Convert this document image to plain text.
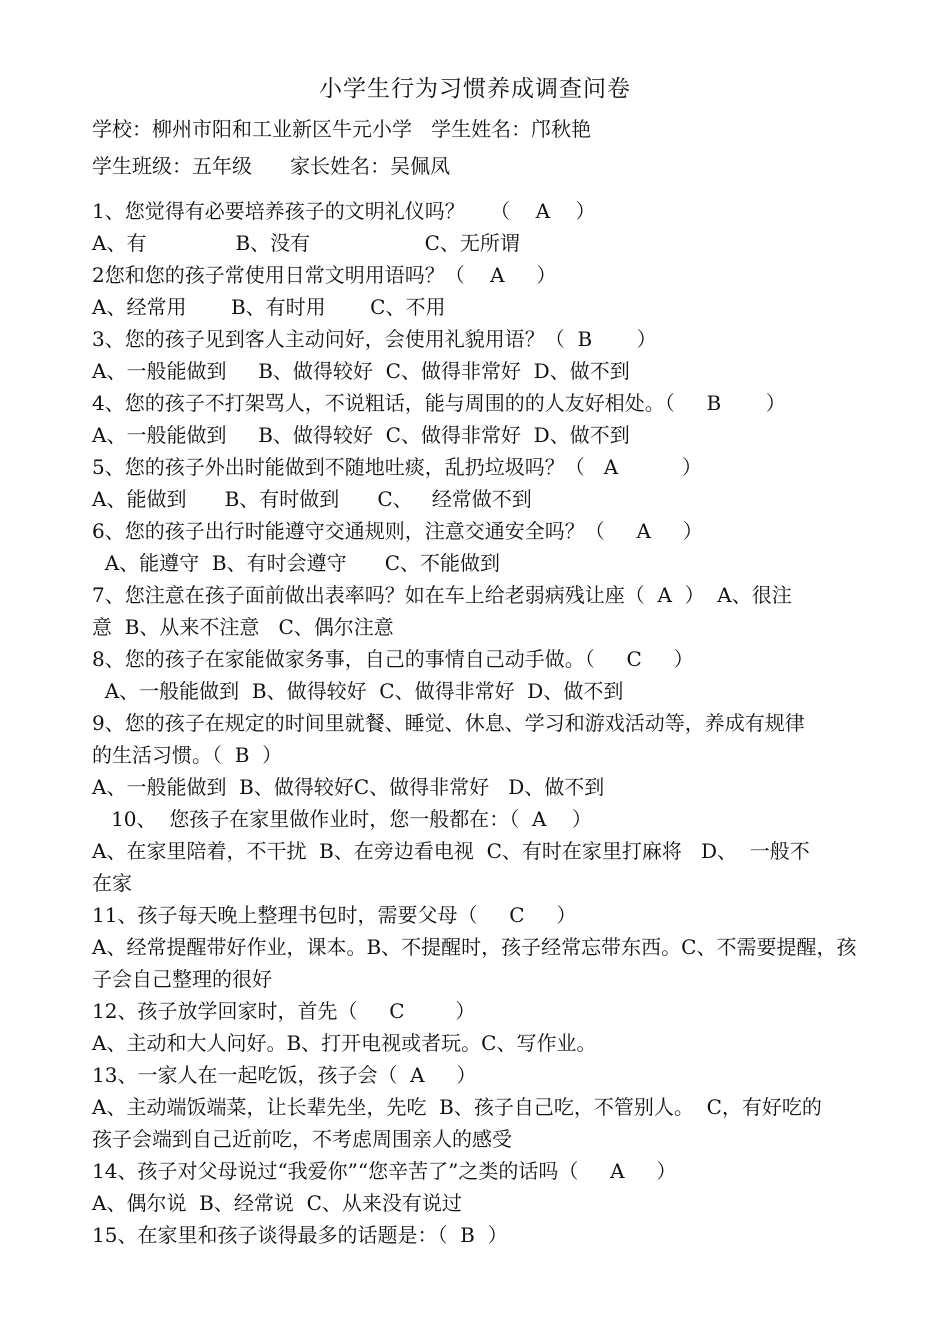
小学生行为习惯养成调查问卷
学校：柳州市阳和工业新区牛元小学   学生姓名：邝秋艳
学生班级：五年级      家长姓名：吴佩凤
1、您觉得有必要培养孩子的文明礼仪吗？    （    A    ）
A、有              B、没有                  C、无所谓
2您和您的孩子常使用日常文明用语吗？（    A     ）
A、经常用       B、有时用       C、不用
3、您的孩子见到客人主动问好，会使用礼貌用语？（  B       ）
A、一般能做到     B、做得较好  C、做得非常好  D、做不到
4、您的孩子不打架骂人，不说粗话，能与周围的的人友好相处。（     B       ）
A、一般能做到     B、做得较好  C、做得非常好  D、做不到
5、您的孩子外出时能做到不随地吐痰，乱扔垃圾吗？（   A          ）
A、能做到      B、有时做到      C、   经常做不到
6、您的孩子出行时能遵守交通规则，注意交通安全吗？（     A     ）
A、能遵守  B、有时会遵守      C、不能做到
7、您注意在孩子面前做出表率吗？如在车上给老弱病残让座（  A  ）  A、很注
意  B、从来不注意   C、偶尔注意
8、您的孩子在家能做家务事，自己的事情自己动手做。（     C     ）
A、一般能做到  B、做得较好  C、做得非常好  D、做不到
9、您的孩子在规定的时间里就餐、睡觉、休息、学习和游戏活动等，养成有规律
的生活习惯。（  B  ）
A、一般能做到  B、做得较好C、做得非常好   D、做不到
10、  您孩子在家里做作业时，您一般都在：（  A    ）
A、在家里陪着，不干扰  B、在旁边看电视  C、有时在家里打麻将   D、  一般不
在家
11、孩子每天晚上整理书包时，需要父母（     C     ）
A、经常提醒带好作业，课本。B、不提醒时，孩子经常忘带东西。C、不需要提醒，孩
子会自己整理的很好
12、孩子放学回家时，首先（     C        ）
A、主动和大人问好。B、打开电视或者玩。C、写作业。
13、一家人在一起吃饭，孩子会（  A     ）
A、主动端饭端菜，让长辈先坐，先吃  B、孩子自己吃，不管别人。  C，有好吃的
孩子会端到自己近前吃，不考虑周围亲人的感受
14、孩子对父母说过“我爱你”“您辛苦了”之类的话吗（     A     ）
A、偶尔说  B、经常说  C、从来没有说过
15、在家里和孩子谈得最多的话题是：（  B  ）
